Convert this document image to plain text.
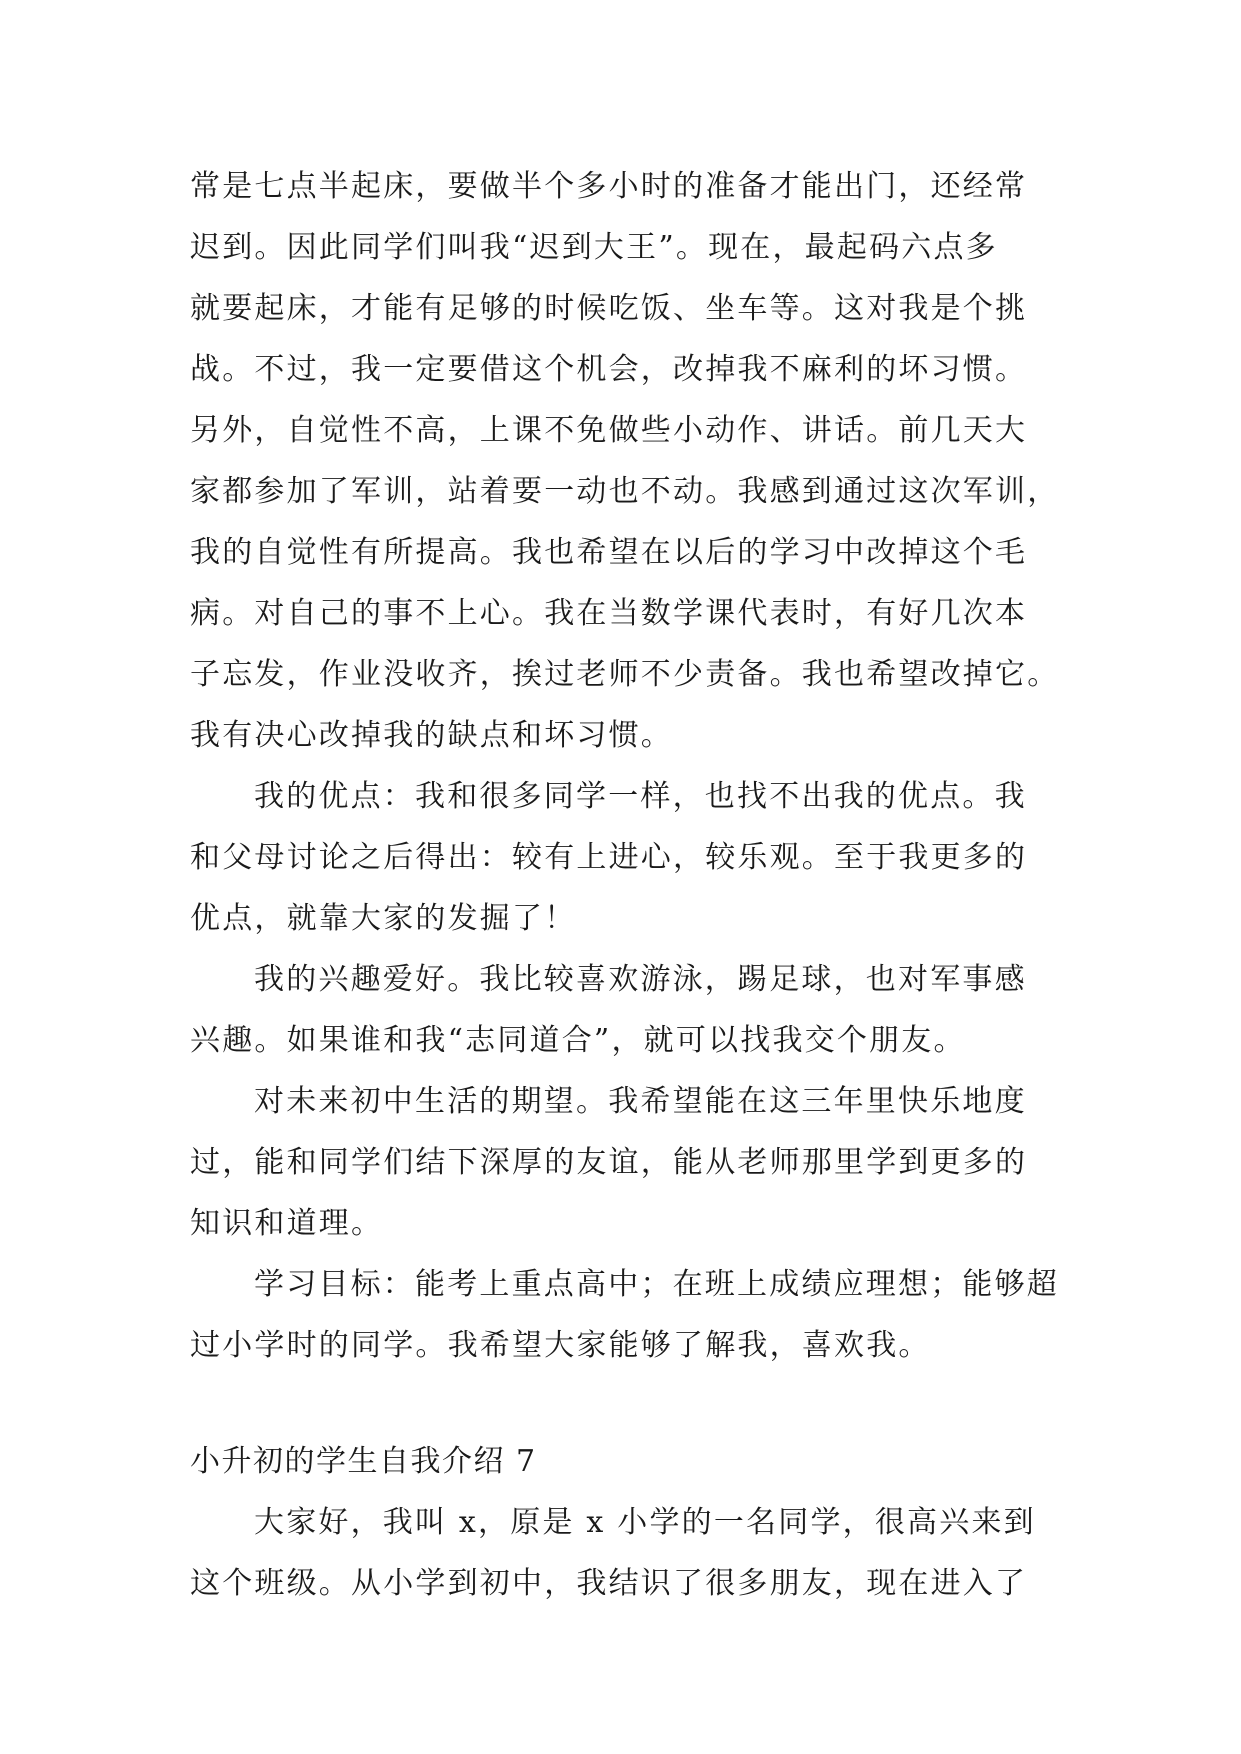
常是七点半起床，要做半个多小时的准备才能出门，还经常
迟到。因此同学们叫我“迟到大王”。现在，最起码六点多
就要起床，才能有足够的时候吃饭、坐车等。这对我是个挑
战。不过，我一定要借这个机会，改掉我不麻利的坏习惯。
另外，自觉性不高，上课不免做些小动作、讲话。前几天大
家都参加了军训，站着要一动也不动。我感到通过这次军训，
我的自觉性有所提高。我也希望在以后的学习中改掉这个毛
病。对自己的事不上心。我在当数学课代表时，有好几次本
子忘发，作业没收齐，挨过老师不少责备。我也希望改掉它。
我有决心改掉我的缺点和坏习惯。
我的优点：我和很多同学一样，也找不出我的优点。我
和父母讨论之后得出：较有上进心，较乐观。至于我更多的
优点，就靠大家的发掘了！
我的兴趣爱好。我比较喜欢游泳，踢足球，也对军事感
兴趣。如果谁和我“志同道合”，就可以找我交个朋友。
对未来初中生活的期望。我希望能在这三年里快乐地度
过，能和同学们结下深厚的友谊，能从老师那里学到更多的
知识和道理。
学习目标：能考上重点高中；在班上成绩应理想；能够超
过小学时的同学。我希望大家能够了解我，喜欢我。
小升初的学生自我介绍 7
大家好，我叫 x，原是 x 小学的一名同学，很高兴来到
这个班级。从小学到初中，我结识了很多朋友，现在进入了
